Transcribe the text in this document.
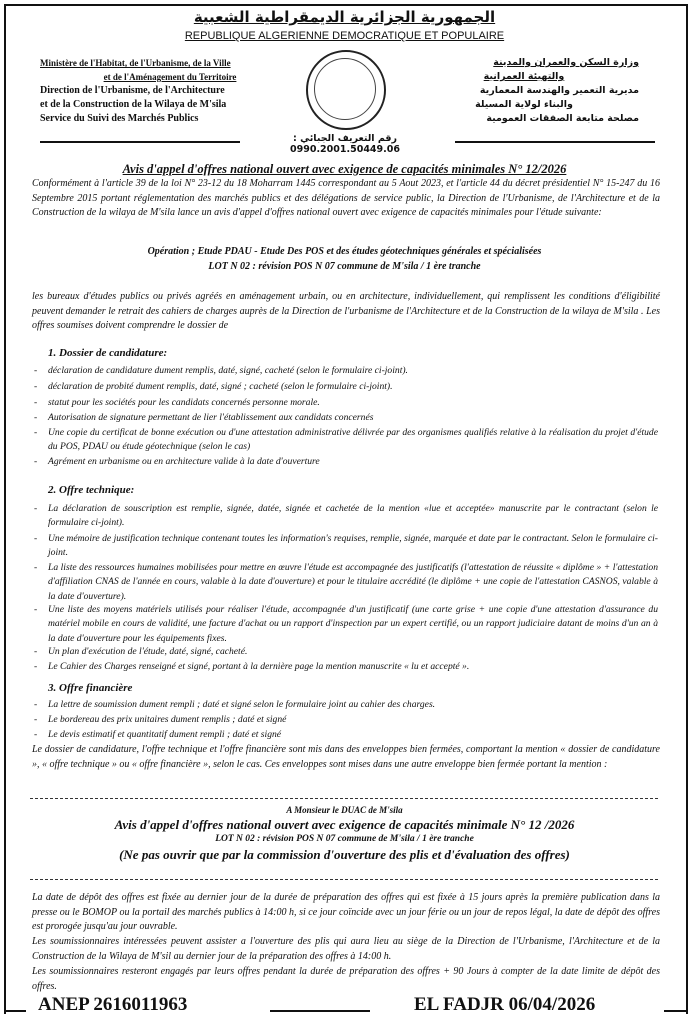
الجمهورية الجزائرية الديمقراطية الشعبية
REPUBLIQUE ALGERIENNE DEMOCRATIQUE ET POPULAIRE
Ministère de l'Habitat, de l'Urbanisme, de la Ville
et de l'Aménagement du Territoire
Direction de l'Urbanisme, de l'Architecture
et de la Construction de la Wilaya de M'sila
Service du Suivi des Marchés Publics
وزارة السكن والعمران والمدينة
والتهيئة العمرانية
مديرية التعمير والهندسة المعمارية
والبناء لولاية المسيلة
مصلحة متابعة الصفقات العمومية
رقم التعريف الجبائي : 0990.2001.50449.06
Avis d'appel d'offres national ouvert avec exigence de capacités minimales N° 12/2026
Conformément à l'article 39 de la loi N° 23-12 du 18 Moharram 1445 correspondant au 5 Aout 2023, et l'article 44 du décret présidentiel N° 15-247 du 16 Septembre 2015 portant réglementation des marchés publics et des délégations de service public, la Direction de l'Urbanisme, de l'Architecture et de la Construction de la wilaya de M'sila lance un avis d'appel d'offres national ouvert avec exigence de capacités minimales pour l'étude suivante:
Opération ; Etude PDAU - Etude Des POS et des études géotechniques générales et spécialisées
LOT N 02 : révision POS N 07 commune de M'sila / 1 ère tranche
les bureaux d'études publics ou privés agréés en aménagement urbain, ou en architecture, individuellement, qui remplissent les conditions d'éligibilité peuvent demander le retrait des cahiers de charges auprès de la Direction de l'urbanisme de l'Architecture et de la Construction de la wilaya de M'sila . Les offres soumises doivent comprendre le dossier de
1. Dossier de candidature:
- déclaration de candidature dument remplis, daté, signé, cacheté (selon le formulaire ci-joint).
- déclaration de probité dument remplis, daté, signé ; cacheté (selon le formulaire ci-joint).
- statut pour les sociétés pour les candidats concernés personne morale.
- Autorisation de signature permettant de lier l'établissement aux candidats concernés
- Une copie du certificat de bonne exécution ou d'une attestation administrative délivrée par des organismes qualifiés relative à la réalisation du projet d'étude du POS, PDAU ou étude géotechnique (selon le cas)
- Agrément en urbanisme ou en architecture valide à la date d'ouverture
2. Offre technique:
- La déclaration de souscription est remplie, signée, datée, signée et cachetée de la mention «lue et acceptée» manuscrite par le contractant (selon le formulaire ci-joint).
- Une mémoire de justification technique contenant toutes les information's requises, remplie, signée, marquée et date par le contractant. Selon le formulaire ci-joint.
- La liste des ressources humaines mobilisées pour mettre en œuvre l'étude est accompagnée des justificatifs (l'attestation de réussite « diplôme » + l'attestation d'affiliation CNAS de l'année en cours, valable à la date d'ouverture) et pour le titulaire accrédité (le diplôme + une copie de l'attestation CASNOS, valable à la date d'ouverture).
- Une liste des moyens matériels utilisés pour réaliser l'étude, accompagnée d'un justificatif (une carte grise + une copie d'une attestation d'assurance du matériel mobile en cours de validité, une facture d'achat ou un rapport d'inspection par un expert certifié, ou un rapport judiciaire datant de moins d'un an à la date d'ouverture pour les équipements fixes.
- Un plan d'exécution de l'étude, daté, signé, cacheté.
- Le Cahier des Charges renseigné et signé, portant à la dernière page la mention manuscrite « lu et accepté ».
3. Offre financière
- La lettre de soumission dument rempli ; daté et signé selon le formulaire joint au cahier des charges.
- Le bordereau des prix unitaires dument remplis ; daté et signé
- Le devis estimatif et quantitatif dument rempli ; daté et signé
Le dossier de candidature, l'offre technique et l'offre financière sont mis dans des enveloppes bien fermées, comportant la mention « dossier de candidature », « offre technique » ou « offre financière », selon le cas. Ces enveloppes sont mises dans une autre enveloppe bien fermée portant la mention :
A Monsieur le DUAC de M'sila
Avis d'appel d'offres national ouvert avec exigence de capacités minimale N° 12 /2026
LOT N 02 : révision POS N 07 commune de M'sila / 1 ère tranche
(Ne pas ouvrir que par la commission d'ouverture des plis et d'évaluation des offres)
La date de dépôt des offres est fixée au dernier jour de la durée de préparation des offres qui est fixée à 15 jours après la première publication dans la presse ou le BOMOP ou la portail des marchés publics à 14:00 h, si ce jour coïncide avec un jour férie ou un jour de repos légal, la date de dépôt des offres est prorogée jusqu'au jour ouvrable.
Les soumissionnaires intéressées peuvent assister a l'ouverture des plis qui aura lieu au siège de la Direction de l'Urbanisme, l'Architecture et de la Construction de la Wilaya de M'sil au dernier jour de la préparation des offres à 14:00 h.
Les soumissionnaires resteront engagés par leurs offres pendant la durée de préparation des offres + 90 Jours à compter de la date limite de dépôt des offres.
ANEP 2616011963	EL FADJR 06/04/2026
